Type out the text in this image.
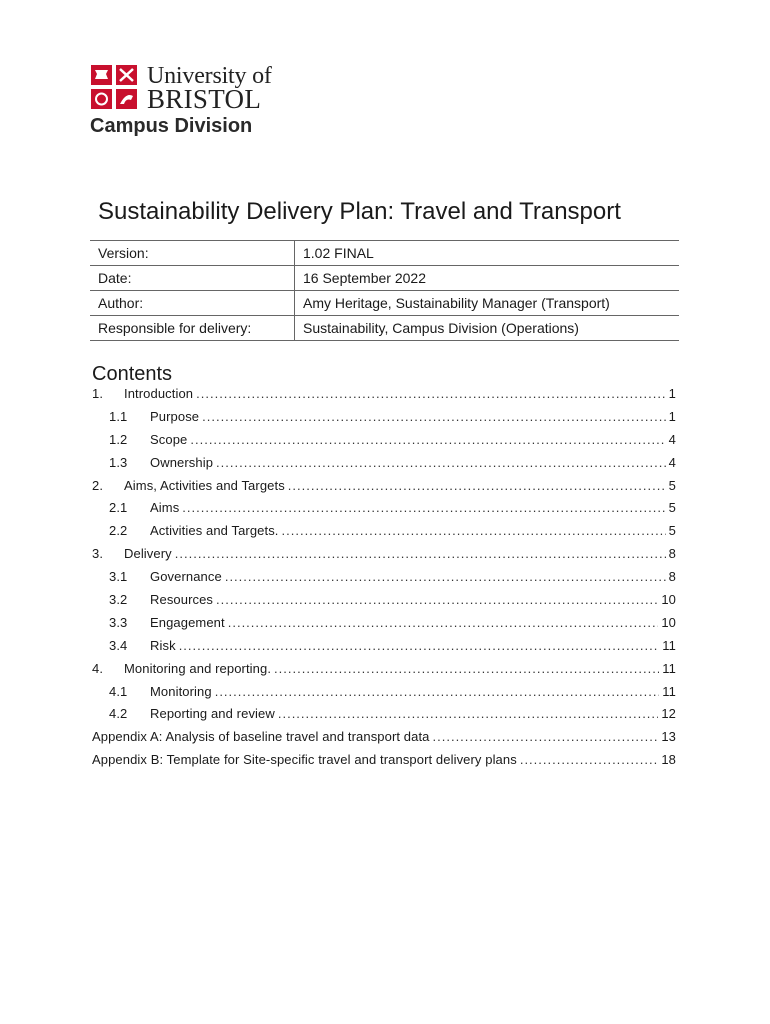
University of
BRISTOL
Campus Division
Sustainability Delivery Plan: Travel and Transport
Version:	1.02 FINAL
Date:	16 September 2022
Author:	Amy Heritage, Sustainability Manager (Transport)
Responsible for delivery:	Sustainability, Campus Division (Operations)
Contents
1.	Introduction .....	1
1.1	Purpose .....	1
1.2	Scope .....	4
1.3	Ownership .....	4
2.	Aims, Activities and Targets .....	5
2.1	Aims .....	5
2.2	Activities and Targets. .....	5
3.	Delivery .....	8
3.1	Governance .....	8
3.2	Resources .....	10
3.3	Engagement .....	10
3.4	Risk .....	11
4.	Monitoring and reporting. .....	11
4.1	Monitoring .....	11
4.2	Reporting and review .....	12
Appendix A: Analysis of baseline travel and transport data .....	13
Appendix B: Template for Site-specific travel and transport delivery plans .....	18
